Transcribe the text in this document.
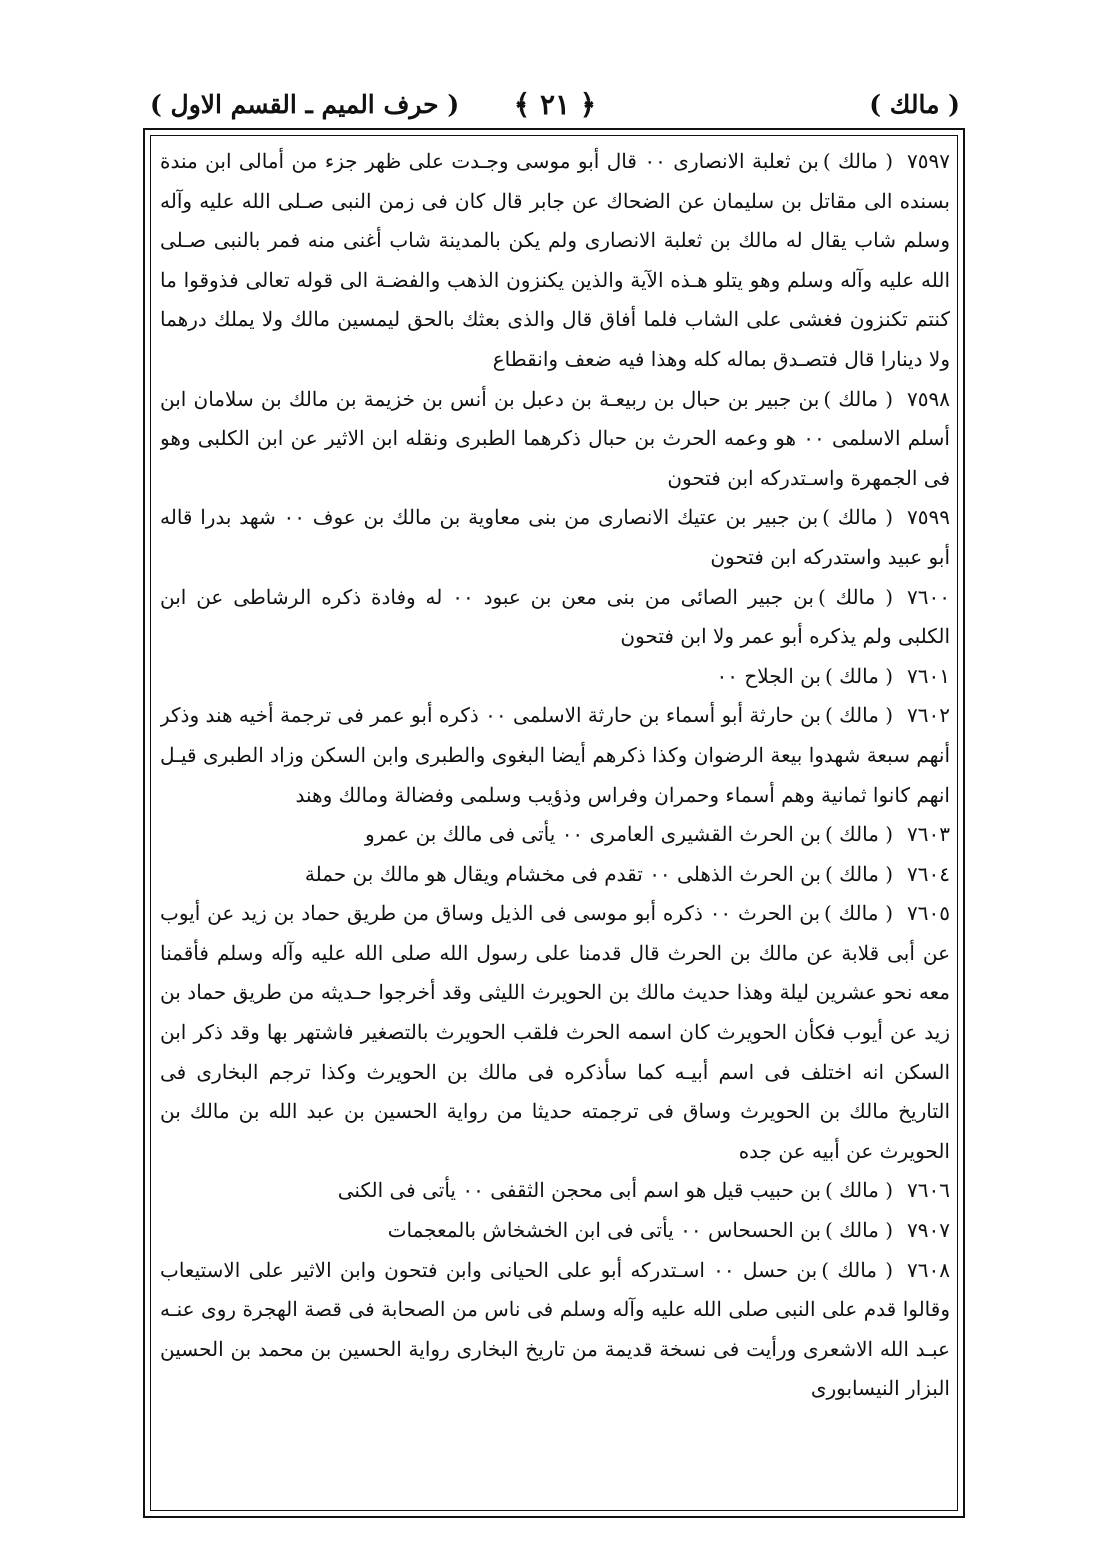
( حرف الميم ـ القسم الاول ) ﴿ ٢١ ﴾	( مالك )

٧٥٩٧( مالك )بن ثعلبة الانصارى ٠٠ قال أبو موسى وجـدت على ظهر جزء من أمالى ابن مندة بسنده الى مقاتل بن سليمان عن الضحاك عن جابر قال كان فى زمن النبى صـلى الله عليه وآله وسلم شاب يقال له مالك بن ثعلبة الانصارى ولم يكن بالمدينة شاب أغنى منه فمر بالنبى صـلى الله عليه وآله وسلم وهو يتلو هـذه الآية والذين يكنزون الذهب والفضـة الى قوله تعالى فذوقوا ما كنتم تكنزون فغشى على الشاب فلما أفاق قال والذى بعثك بالحق ليمسين مالك ولا يملك درهما ولا دينارا قال فتصـدق بماله كله وهذا فيه ضعف وانقطاع

٧٥٩٨( مالك )بن جبير بن حبال بن ربيعـة بن دعبل بن أنس بن خزيمة بن مالك بن سلامان ابن أسلم الاسلمى ٠٠ هو وعمه الحرث بن حبال ذكرهما الطبرى ونقله ابن الاثير عن ابن الكلبى وهو فى الجمهرة واسـتدركه ابن فتحون

٧٥٩٩( مالك )بن جبير بن عتيك الانصارى من بنى معاوية بن مالك بن عوف ٠٠ شهد بدرا قاله أبو عبيد واستدركه ابن فتحون

٧٦٠٠( مالك )بن جبير الصائى من بنى معن بن عبود ٠٠ له وفادة ذكره الرشاطى عن ابن الكلبى ولم يذكره أبو عمر ولا ابن فتحون

٧٦٠١( مالك )بن الجلاح ٠٠

٧٦٠٢( مالك )بن حارثة أبو أسماء بن حارثة الاسلمى ٠٠ ذكره أبو عمر فى ترجمة أخيه هند وذكر أنهم سبعة شهدوا بيعة الرضوان وكذا ذكرهم أيضا البغوى والطبرى وابن السكن وزاد الطبرى قيـل انهم كانوا ثمانية وهم أسماء وحمران وفراس وذؤيب وسلمى وفضالة ومالك وهند

٧٦٠٣( مالك )بن الحرث القشيرى العامرى ٠٠ يأتى فى مالك بن عمرو

٧٦٠٤( مالك )بن الحرث الذهلى ٠٠ تقدم فى مخشام ويقال هو مالك بن حملة

٧٦٠٥( مالك )بن الحرث ٠٠ ذكره أبو موسى فى الذيل وساق من طريق حماد بن زيد عن أيوب عن أبى قلابة عن مالك بن الحرث قال قدمنا على رسول الله صلى الله عليه وآله وسلم فأقمنا معه نحو عشرين ليلة وهذا حديث مالك بن الحويرث الليثى وقد أخرجوا حـديثه من طريق حماد بن زيد عن أيوب فكأن الحويرث كان اسمه الحرث فلقب الحويرث بالتصغير فاشتهر بها وقد ذكر ابن السكن انه اختلف فى اسم أبيـه كما سأذكره فى مالك بن الحويرث وكذا ترجم البخارى فى التاريخ مالك بن الحويرث وساق فى ترجمته حديثا من رواية الحسين بن عبد الله بن مالك بن الحويرث عن أبيه عن جده

٧٦٠٦( مالك )بن حبيب قيل هو اسم أبى محجن الثقفى ٠٠ يأتى فى الكنى

٧٩٠٧( مالك )بن الحسحاس ٠٠ يأتى فى ابن الخشخاش بالمعجمات

٧٦٠٨( مالك )بن حسل ٠٠ اسـتدركه أبو على الحيانى وابن فتحون وابن الاثير على الاستيعاب وقالوا قدم على النبى صلى الله عليه وآله وسلم فى ناس من الصحابة فى قصة الهجرة روى عنـه عبـد الله الاشعرى ورأيت فى نسخة قديمة من تاريخ البخارى رواية الحسين بن محمد بن الحسين البزار النيسابورى
